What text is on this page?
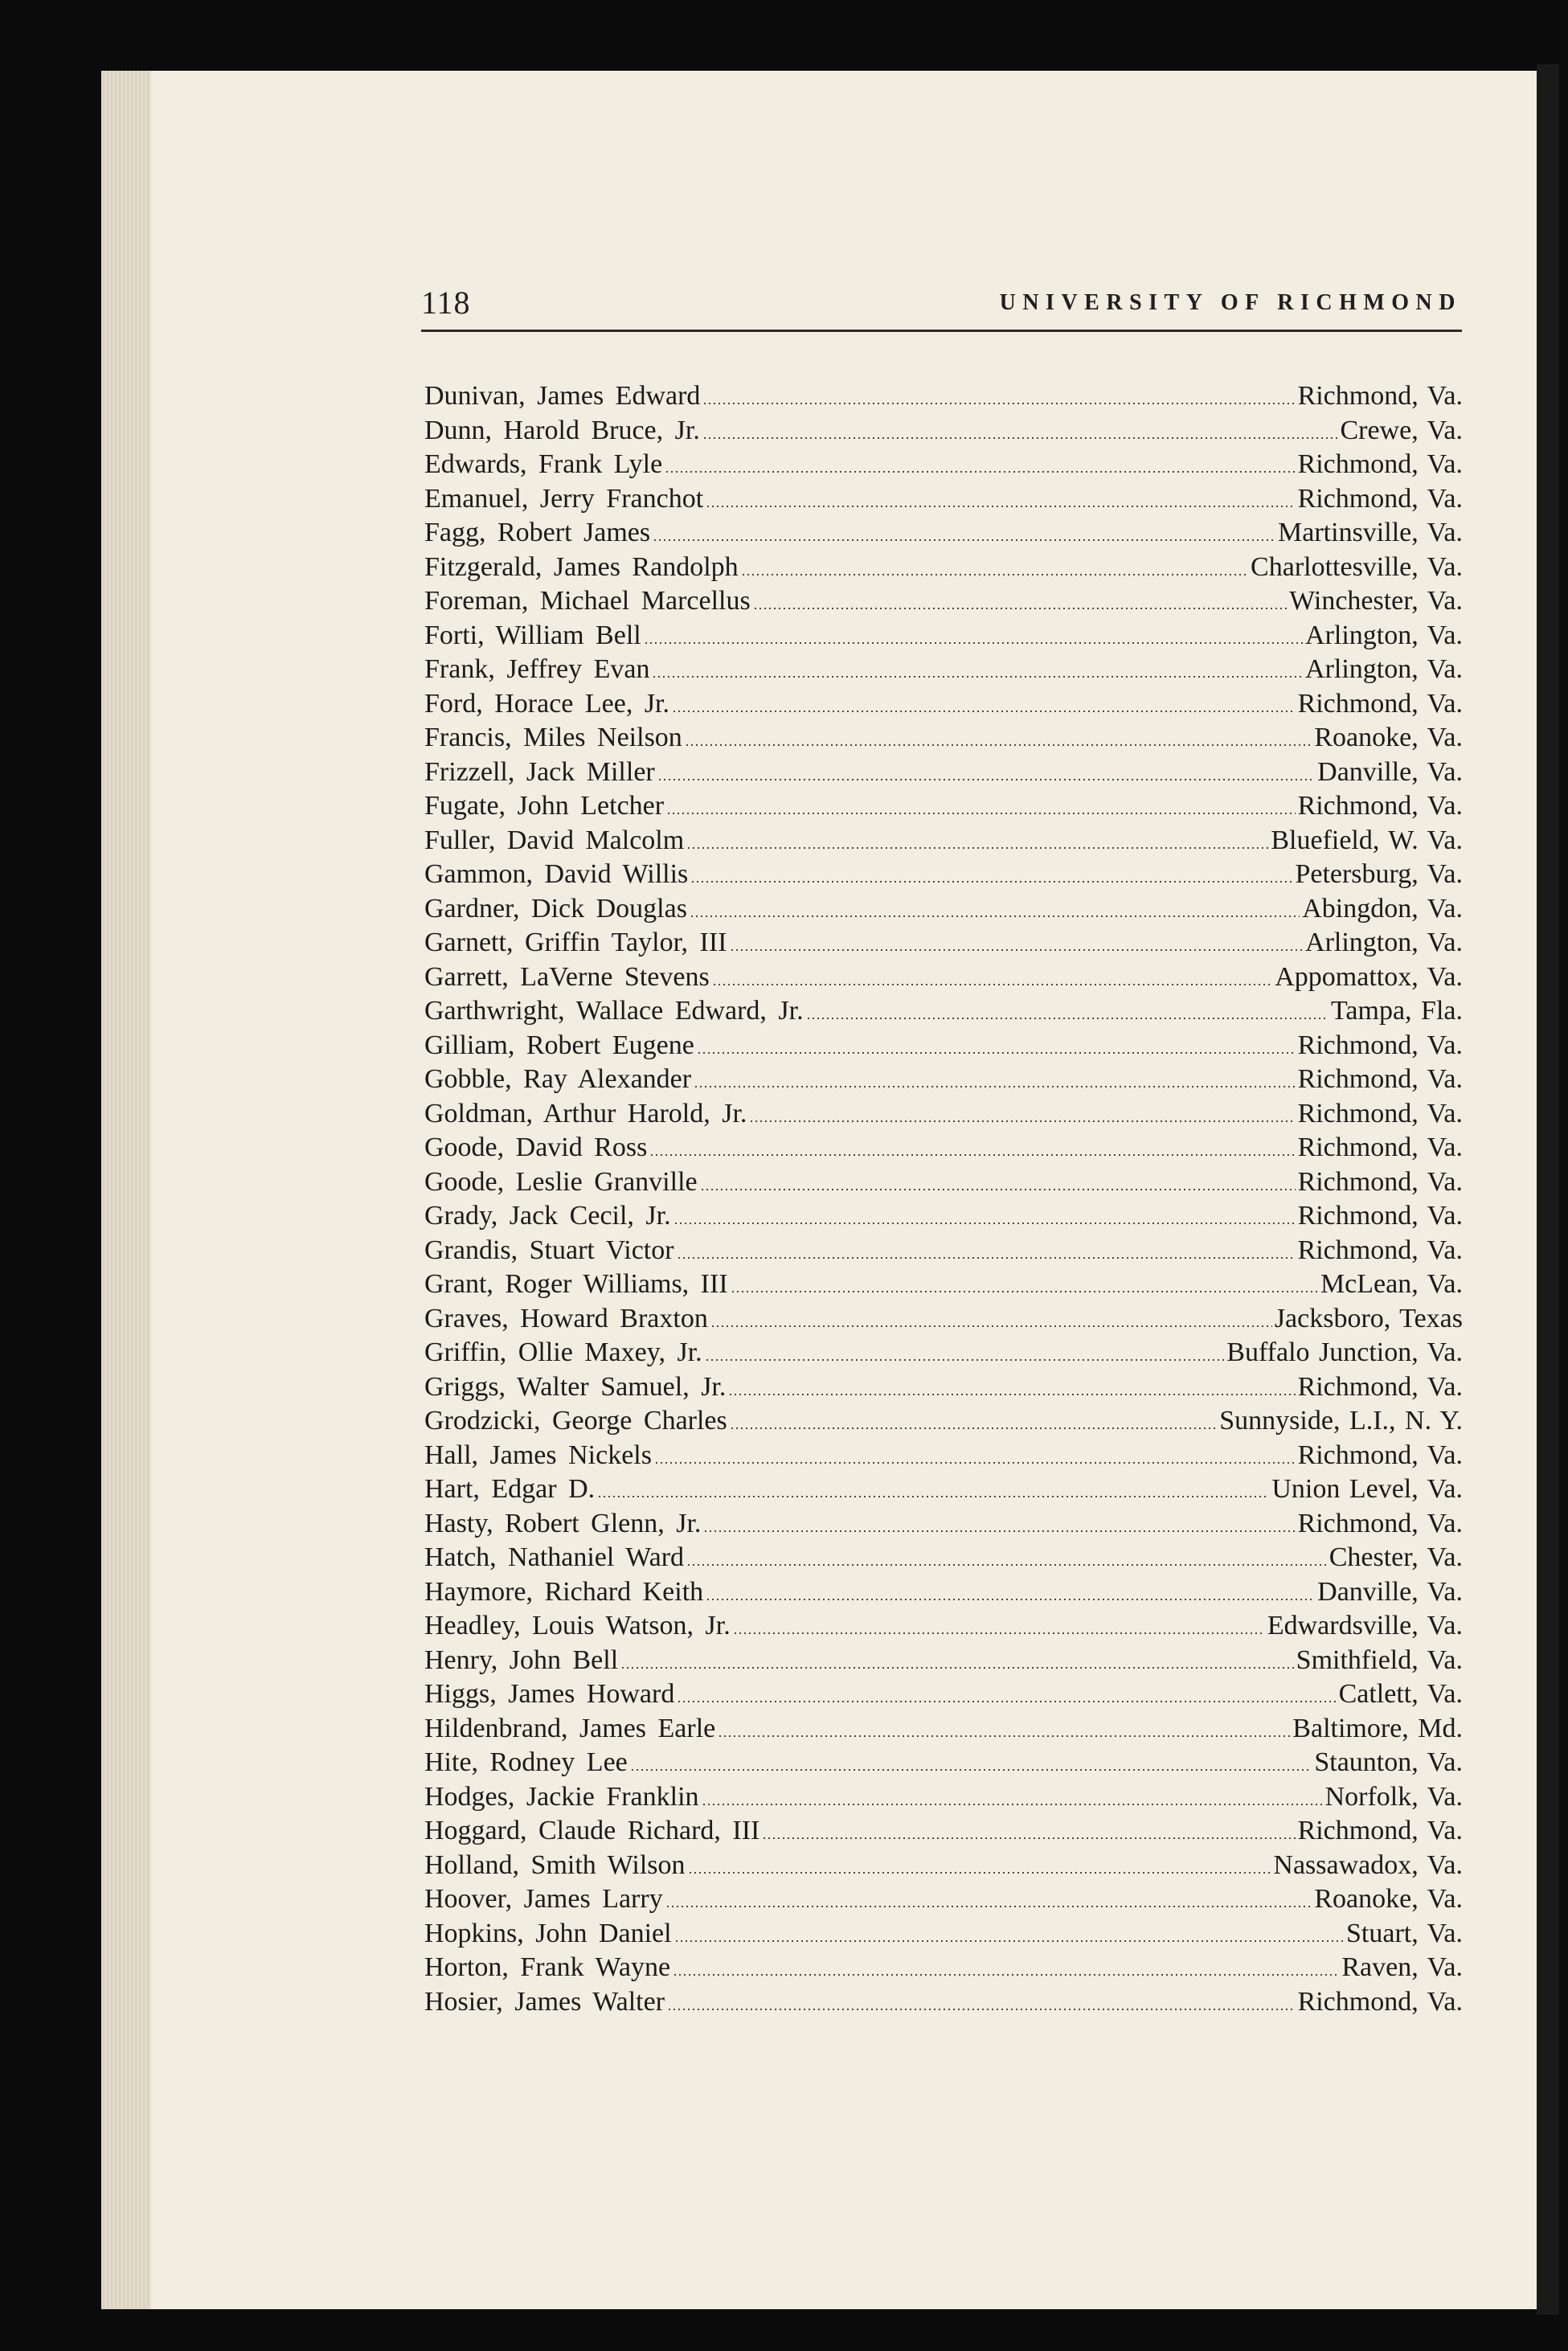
118	UNIVERSITY OF RICHMOND
Dunivan, James Edward	Richmond, Va.
Dunn, Harold Bruce, Jr.	Crewe, Va.
Edwards, Frank Lyle	Richmond, Va.
Emanuel, Jerry Franchot	Richmond, Va.
Fagg, Robert James	Martinsville, Va.
Fitzgerald, James Randolph	Charlottesville, Va.
Foreman, Michael Marcellus	Winchester, Va.
Forti, William Bell	Arlington, Va.
Frank, Jeffrey Evan	Arlington, Va.
Ford, Horace Lee, Jr.	Richmond, Va.
Francis, Miles Neilson	Roanoke, Va.
Frizzell, Jack Miller	Danville, Va.
Fugate, John Letcher	Richmond, Va.
Fuller, David Malcolm	Bluefield, W. Va.
Gammon, David Willis	Petersburg, Va.
Gardner, Dick Douglas	Abingdon, Va.
Garnett, Griffin Taylor, III	Arlington, Va.
Garrett, LaVerne Stevens	Appomattox, Va.
Garthwright, Wallace Edward, Jr.	Tampa, Fla.
Gilliam, Robert Eugene	Richmond, Va.
Gobble, Ray Alexander	Richmond, Va.
Goldman, Arthur Harold, Jr.	Richmond, Va.
Goode, David Ross	Richmond, Va.
Goode, Leslie Granville	Richmond, Va.
Grady, Jack Cecil, Jr.	Richmond, Va.
Grandis, Stuart Victor	Richmond, Va.
Grant, Roger Williams, III	McLean, Va.
Graves, Howard Braxton	Jacksboro, Texas
Griffin, Ollie Maxey, Jr.	Buffalo Junction, Va.
Griggs, Walter Samuel, Jr.	Richmond, Va.
Grodzicki, George Charles	Sunnyside, L.I., N. Y.
Hall, James Nickels	Richmond, Va.
Hart, Edgar D.	Union Level, Va.
Hasty, Robert Glenn, Jr.	Richmond, Va.
Hatch, Nathaniel Ward	Chester, Va.
Haymore, Richard Keith	Danville, Va.
Headley, Louis Watson, Jr.	Edwardsville, Va.
Henry, John Bell	Smithfield, Va.
Higgs, James Howard	Catlett, Va.
Hildenbrand, James Earle	Baltimore, Md.
Hite, Rodney Lee	Staunton, Va.
Hodges, Jackie Franklin	Norfolk, Va.
Hoggard, Claude Richard, III	Richmond, Va.
Holland, Smith Wilson	Nassawadox, Va.
Hoover, James Larry	Roanoke, Va.
Hopkins, John Daniel	Stuart, Va.
Horton, Frank Wayne	Raven, Va.
Hosier, James Walter	Richmond, Va.
